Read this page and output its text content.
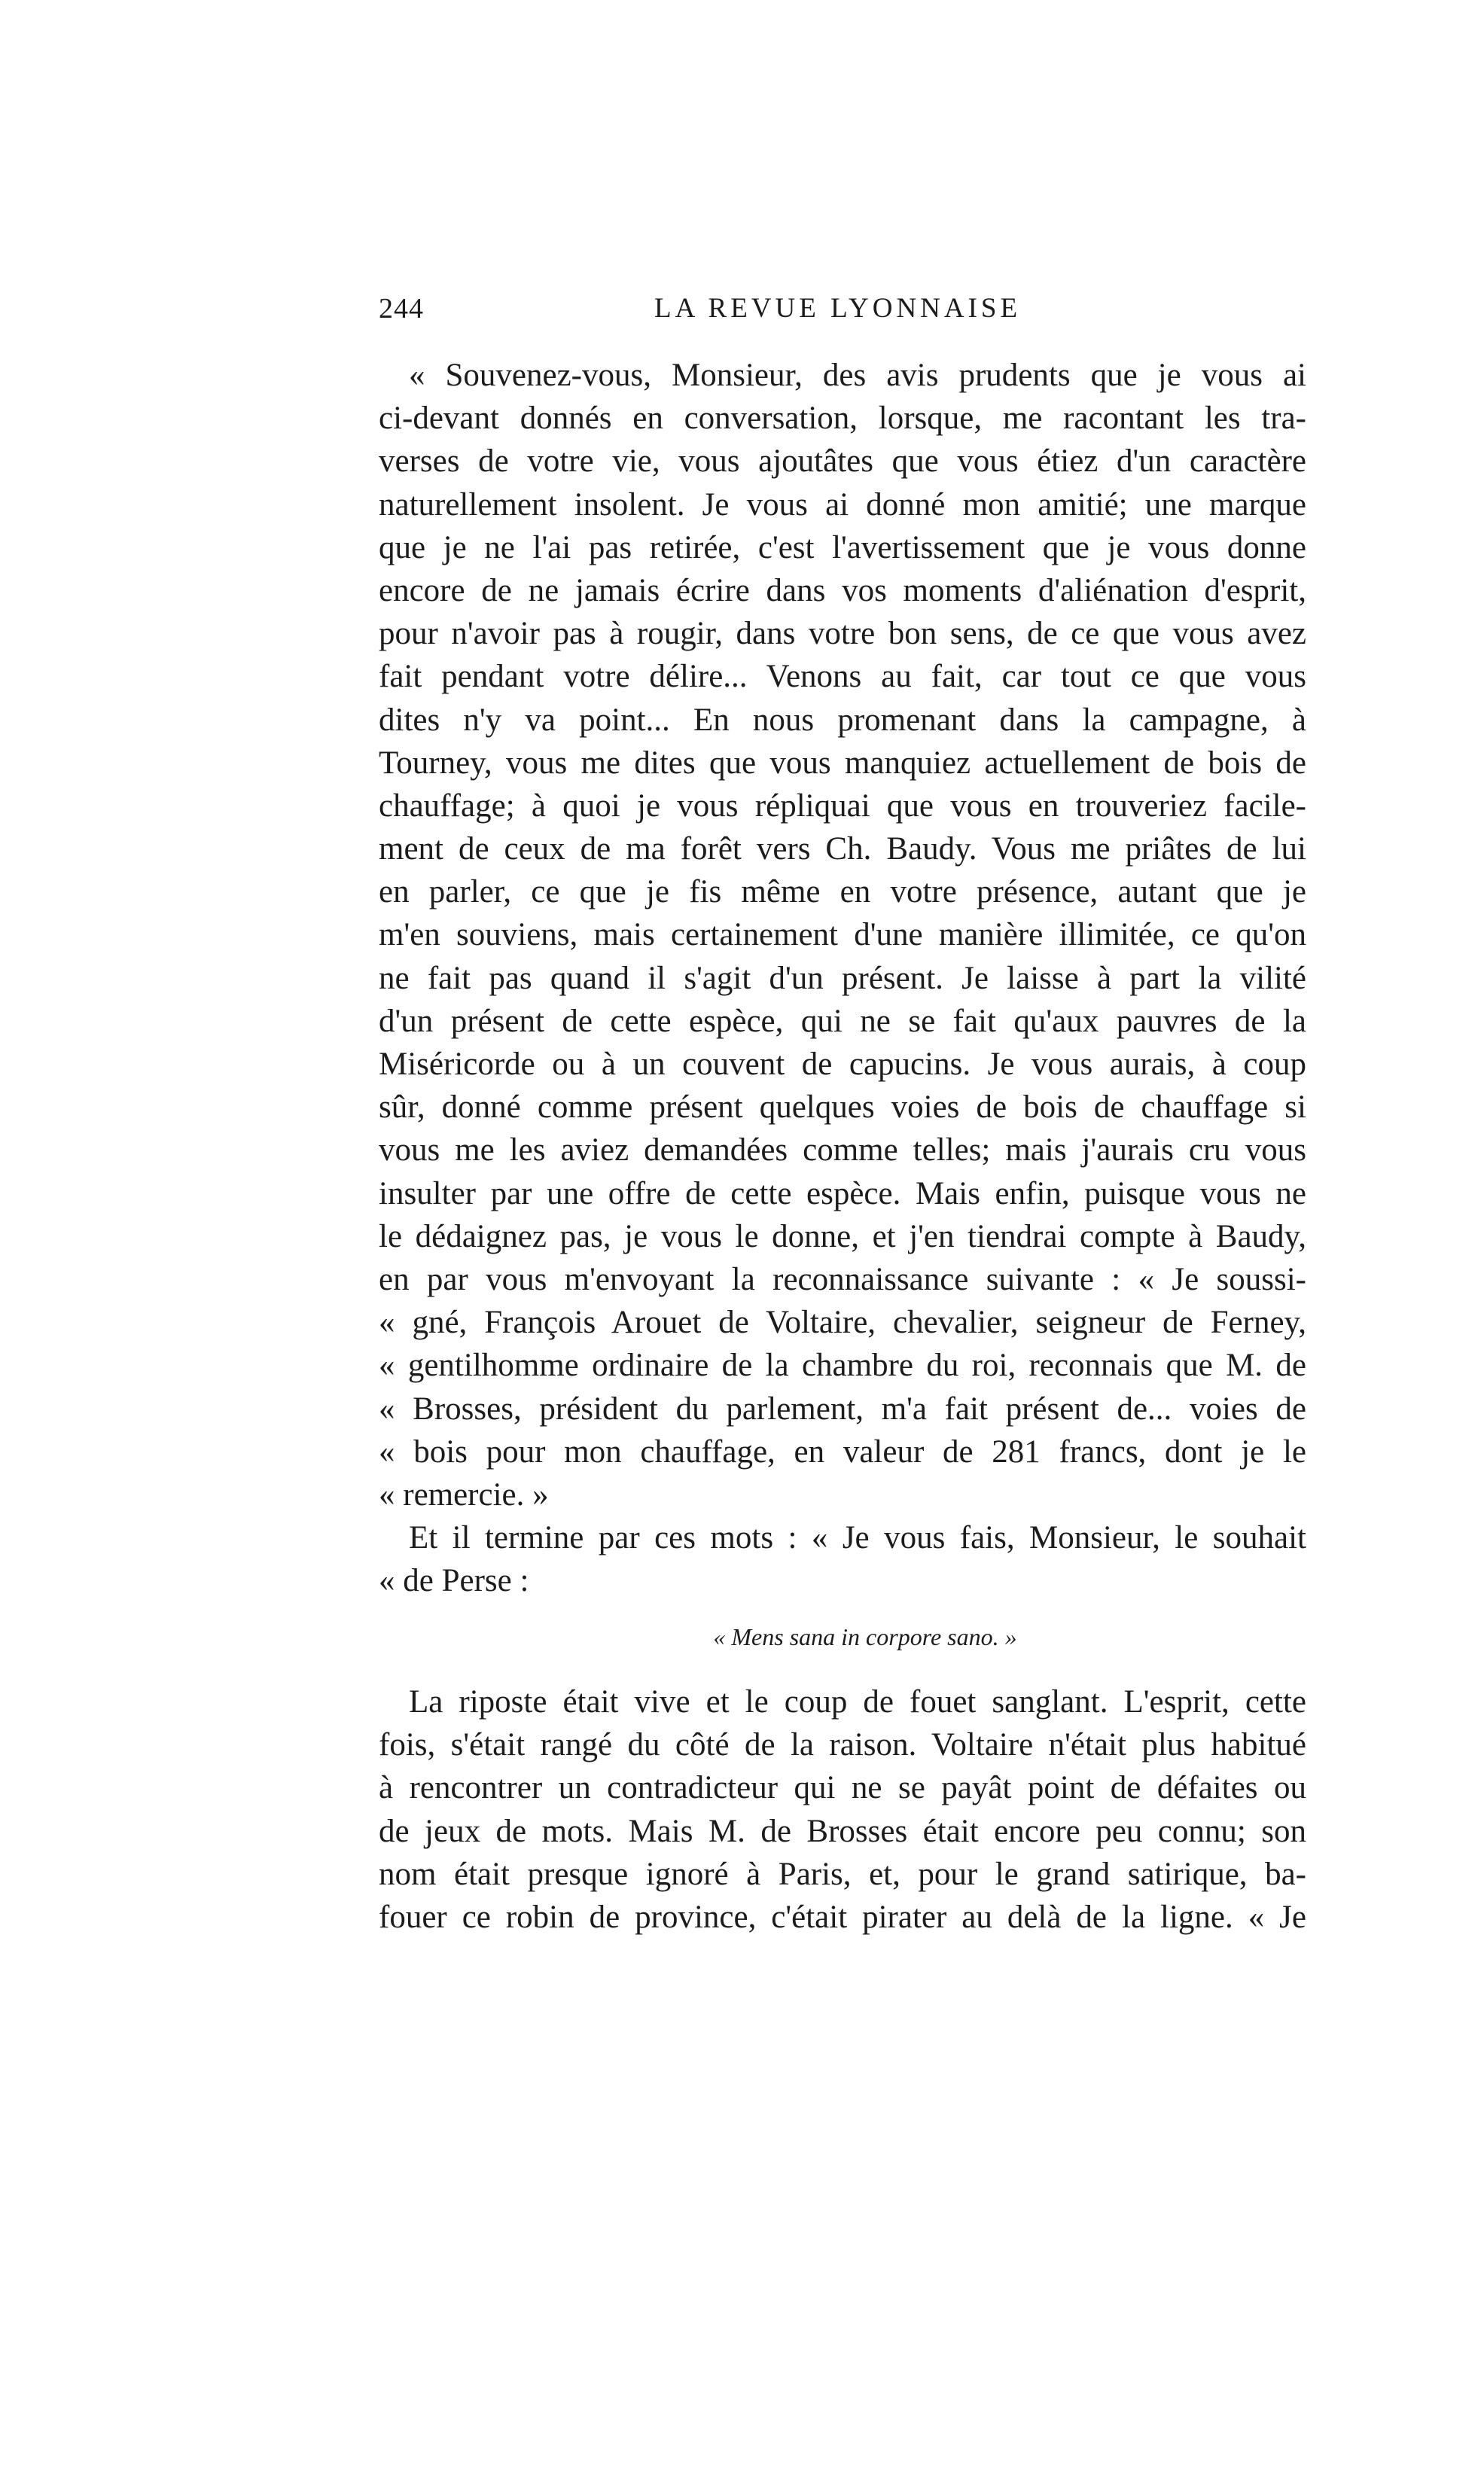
244	LA REVUE LYONNAISE
« Souvenez-vous, Monsieur, des avis prudents que je vous ai
ci-devant donnés en conversation, lorsque, me racontant les tra-
verses de votre vie, vous ajoutâtes que vous étiez d'un caractère
naturellement insolent. Je vous ai donné mon amitié; une marque
que je ne l'ai pas retirée, c'est l'avertissement que je vous donne
encore de ne jamais écrire dans vos moments d'aliénation d'esprit,
pour n'avoir pas à rougir, dans votre bon sens, de ce que vous avez
fait pendant votre délire... Venons au fait, car tout ce que vous
dites n'y va point... En nous promenant dans la campagne, à
Tourney, vous me dites que vous manquiez actuellement de bois de
chauffage; à quoi je vous répliquai que vous en trouveriez facile-
ment de ceux de ma forêt vers Ch. Baudy. Vous me priâtes de lui
en parler, ce que je fis même en votre présence, autant que je
m'en souviens, mais certainement d'une manière illimitée, ce qu'on
ne fait pas quand il s'agit d'un présent. Je laisse à part la vilité
d'un présent de cette espèce, qui ne se fait qu'aux pauvres de la
Miséricorde ou à un couvent de capucins. Je vous aurais, à coup
sûr, donné comme présent quelques voies de bois de chauffage si
vous me les aviez demandées comme telles; mais j'aurais cru vous
insulter par une offre de cette espèce. Mais enfin, puisque vous ne
le dédaignez pas, je vous le donne, et j'en tiendrai compte à Baudy,
en par vous m'envoyant la reconnaissance suivante : « Je soussi-
« gné, François Arouet de Voltaire, chevalier, seigneur de Ferney,
« gentilhomme ordinaire de la chambre du roi, reconnais que M. de
« Brosses, président du parlement, m'a fait présent de... voies de
« bois pour mon chauffage, en valeur de 281 francs, dont je le
« remercie. »
Et il termine par ces mots : « Je vous fais, Monsieur, le souhait
« de Perse :
« Mens sana in corpore sano. »
La riposte était vive et le coup de fouet sanglant. L'esprit, cette
fois, s'était rangé du côté de la raison. Voltaire n'était plus habitué
à rencontrer un contradicteur qui ne se payât point de défaites ou
de jeux de mots. Mais M. de Brosses était encore peu connu; son
nom était presque ignoré à Paris, et, pour le grand satirique, ba-
fouer ce robin de province, c'était pirater au delà de la ligne. « Je
